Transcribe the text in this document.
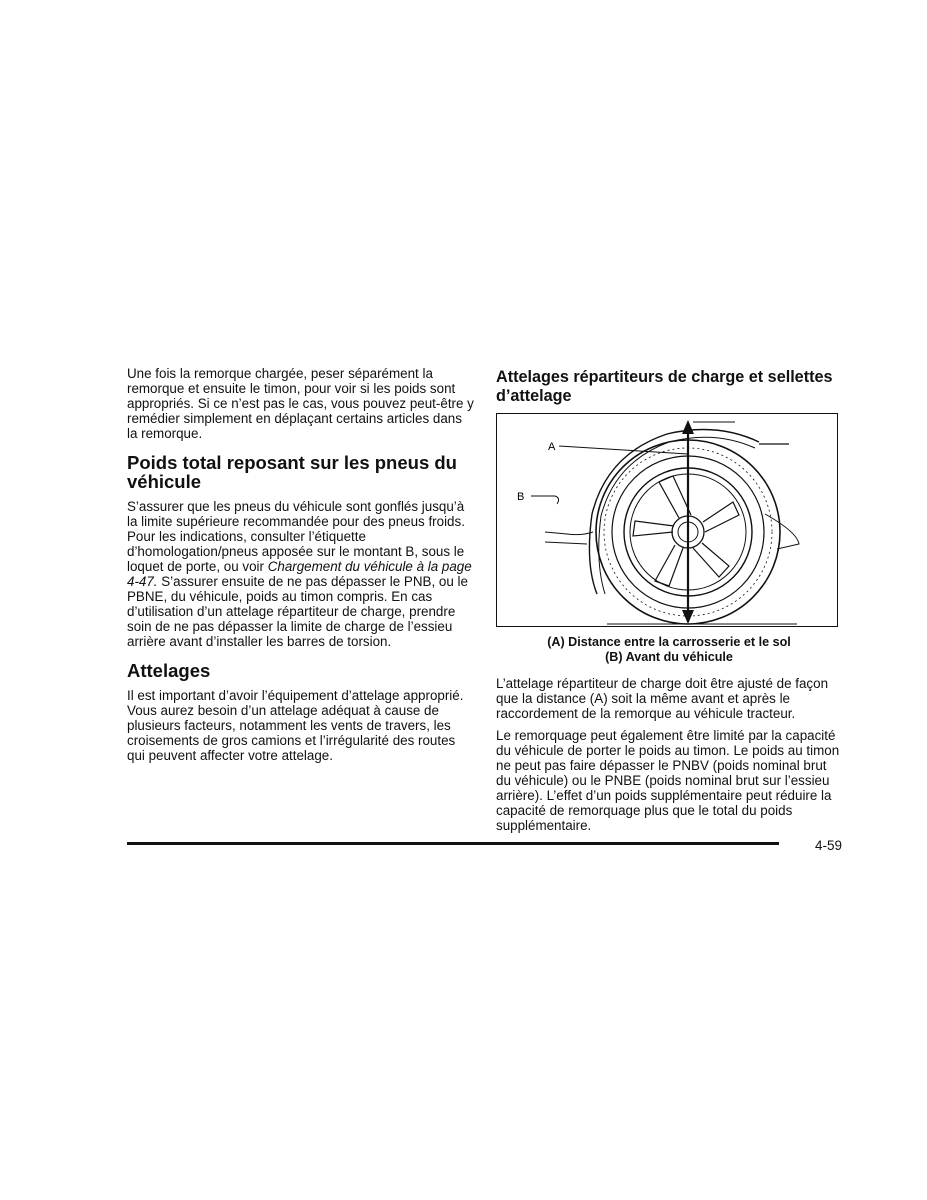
Une fois la remorque chargée, peser séparément la remorque et ensuite le timon, pour voir si les poids sont appropriés. Si ce n’est pas le cas, vous pouvez peut-être y remédier simplement en déplaçant certains articles dans la remorque.

Poids total reposant sur les pneus du véhicule

S’assurer que les pneus du véhicule sont gonflés jusqu’à la limite supérieure recommandée pour des pneus froids. Pour les indications, consulter l’étiquette d’homologation/pneus apposée sur le montant B, sous le loquet de porte, ou voir Chargement du véhicule à la page 4-47. S’assurer ensuite de ne pas dépasser le PNB, ou le PBNE, du véhicule, poids au timon compris. En cas d’utilisation d’un attelage répartiteur de charge, prendre soin de ne pas dépasser la limite de charge de l’essieu arrière avant d’installer les barres de torsion.

Attelages

Il est important d’avoir l’équipement d’attelage approprié. Vous aurez besoin d’un attelage adéquat à cause de plusieurs facteurs, notamment les vents de travers, les croisements de gros camions et l’irrégularité des routes qui peuvent affecter votre attelage.

Attelages répartiteurs de charge et sellettes d’attelage
A
B
(A) Distance entre la carrosserie et le sol
(B) Avant du véhicule

L’attelage répartiteur de charge doit être ajusté de façon que la distance (A) soit la même avant et après le raccordement de la remorque au véhicule tracteur.

Le remorquage peut également être limité par la capacité du véhicule de porter le poids au timon. Le poids au timon ne peut pas faire dépasser le PNBV (poids nominal brut du véhicule) ou le PNBE (poids nominal brut sur l’essieu arrière). L’effet d’un poids supplémentaire peut réduire la capacité de remorquage plus que le total du poids supplémentaire.

4-59
